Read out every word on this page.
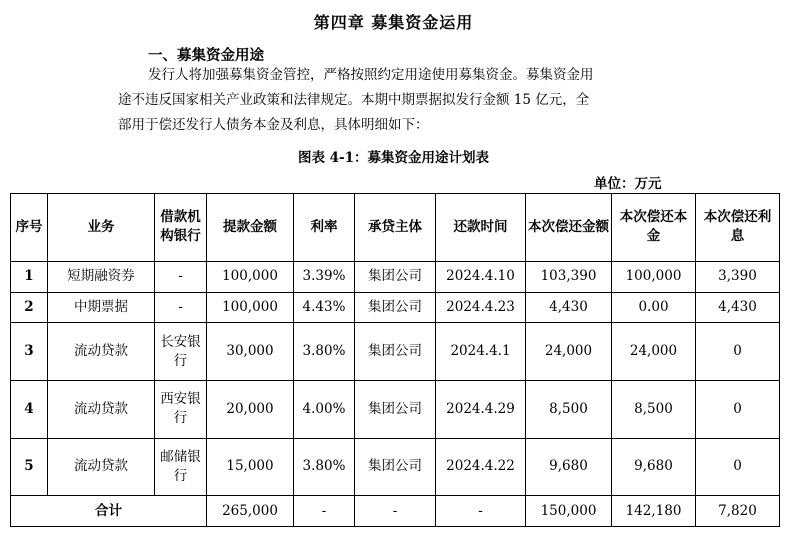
第四章 募集资金运用
一、募集资金用途
发行人将加强募集资金管控，严格按照约定用途使用募集资金。募集资金用
途不违反国家相关产业政策和法律规定。本期中期票据拟发行金额 15 亿元，全
部用于偿还发行人债务本金及利息，具体明细如下：
图表 4-1：募集资金用途计划表
单位：万元
序号	业务	借款机构银行	提款金额	利率	承贷主体	还款时间	本次偿还金额	本次偿还本金	本次偿还利息
1	短期融资券	-	100,000	3.39%	集团公司	2024.4.10	103,390	100,000	3,390
2	中期票据	-	100,000	4.43%	集团公司	2024.4.23	4,430	0.00	4,430
3	流动贷款	长安银行	30,000	3.80%	集团公司	2024.4.1	24,000	24,000	0
4	流动贷款	西安银行	20,000	4.00%	集团公司	2024.4.29	8,500	8,500	0
5	流动贷款	邮储银行	15,000	3.80%	集团公司	2024.4.22	9,680	9,680	0
合计			265,000	-	-	-	150,000	142,180	7,820
